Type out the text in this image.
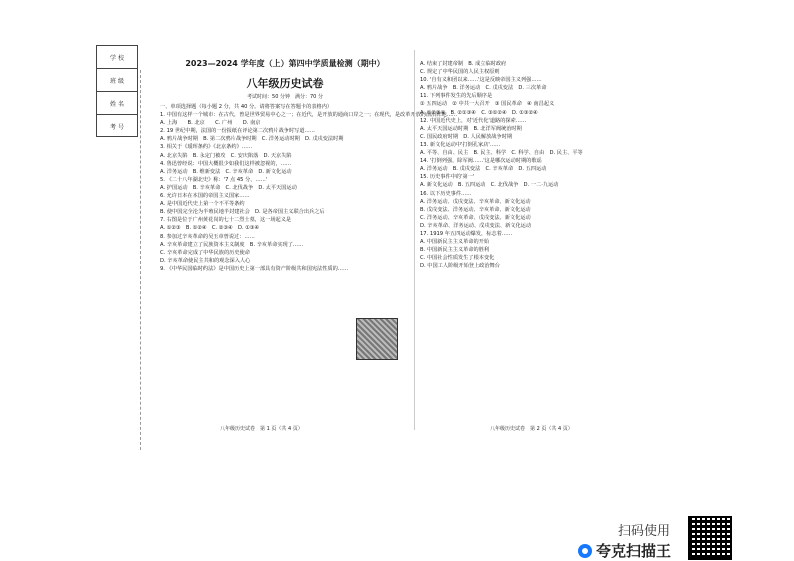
学 校
班 级
姓 名
考 号
2023—2024 学年度（上）第四中学质量检测（期中）
八年级历史试卷
考试时间：50 分钟　满分：70 分

一、单项选择题（每小题 2 分，共 40 分。请将答案写在答题卡的表格内）

1. 中国有这样一个城市：在古代，曾是世界贸易中心之一；在近代，是开放的通商口岸之一；在现代，是改革开放的前沿阵地……

A. 上海　　B. 北京　　C. 广州　　D. 南京

2. 19 世纪中期，法国的一份报纸在评论第二次鸦片战争时写道……

A. 鸦片战争时期　B. 第二次鸦片战争时期　C. 洋务运动时期　D. 戊戌变法时期

3. 相关于《瑷珲条约》《北京条约》……

A. 北京失陷　B. 永定门被攻　C. 安庆陷落　D. 天京失陷

4. 鲁迅曾经说：中国大概很少如我们这样被忽视的，……

A. 洋务运动　B. 维新变法　C. 辛亥革命　D. 新文化运动

5. 《二十八年湖北史》称：'7 点 45 分，……'

A. 护国运动　B. 辛亥革命　C. 北伐战争　D. 太平天国运动

6. 允许日本在本国的帝国主义国家……

A. 是中国近代史上第一个不平等条约

B. 使中国完全沦为半殖民地半封建社会　D. 是各帝国主义联合出兵之后

7. 右图是位于广州黄花岗的七十二烈士墓，这一场起义是

A. ①②③　B. ①②④　C. ②③④　D. ①③④

8. 参加过辛亥革命的吴玉章曾说过：……

A. 辛亥革命建立了民族资本主义制度　B. 辛亥革命实现了……

C. 辛亥革命完成了中华民族的历史使命

D. 辛亥革命使民主共和的观念深入人心

9. 《中华民国临时约法》是中国历史上第一部具有资产阶级共和国宪法性质的……

A. 结束了封建帝制　B. 成立临时政府

C. 规定了中华民国的人民主权原则

10. '自有义和团以来……'这是反映帝国主义列强……

A. 鸦片战争　B. 洋务运动　C. 戊戌变法　D. 三次革命

11. 下列事件发生的先后顺序是

① 五四运动　② 中共一大召开　③ 国民革命　④ 南昌起义

A. ①②③④　B. ②①③④　C. ③①②④　D. ①③②④

12. 中国近代史上，对'近代化'道路的探索……

A. 太平天国运动时期　B. 北洋军阀统治时期

C. 国民政府时期　D. 人民解放战争时期

13. 新文化运动中'打倒孔家店'……

A. 平等、自由、民主　B. 民主、科学　C. 科学、自由　D. 民主、平等

14. '打倒列强，除军阀……'这是哪次运动时期的歌谣

A. 洋务运动　B. 戊戌变法　C. 辛亥革命　D. 五四运动

15. 历史事件中的'第一'

A. 新文化运动　B. 五四运动　C. 北伐战争　D. 一二·九运动

16. 以下历史事件……

A. 洋务运动、戊戌变法、辛亥革命、新文化运动

B. 戊戌变法、洋务运动、辛亥革命、新文化运动

C. 洋务运动、辛亥革命、戊戌变法、新文化运动

D. 辛亥革命、洋务运动、戊戌变法、新文化运动

17. 1919 年五四运动爆发，标志着……

A. 中国新民主主义革命的开始

B. 中国新民主主义革命的胜利

C. 中国社会性质发生了根本变化

D. 中国工人阶级开始登上政治舞台

八年级历史试卷　第 1 页（共 4 页）	八年级历史试卷　第 2 页（共 4 页）
扫码使用
夸克扫描王
